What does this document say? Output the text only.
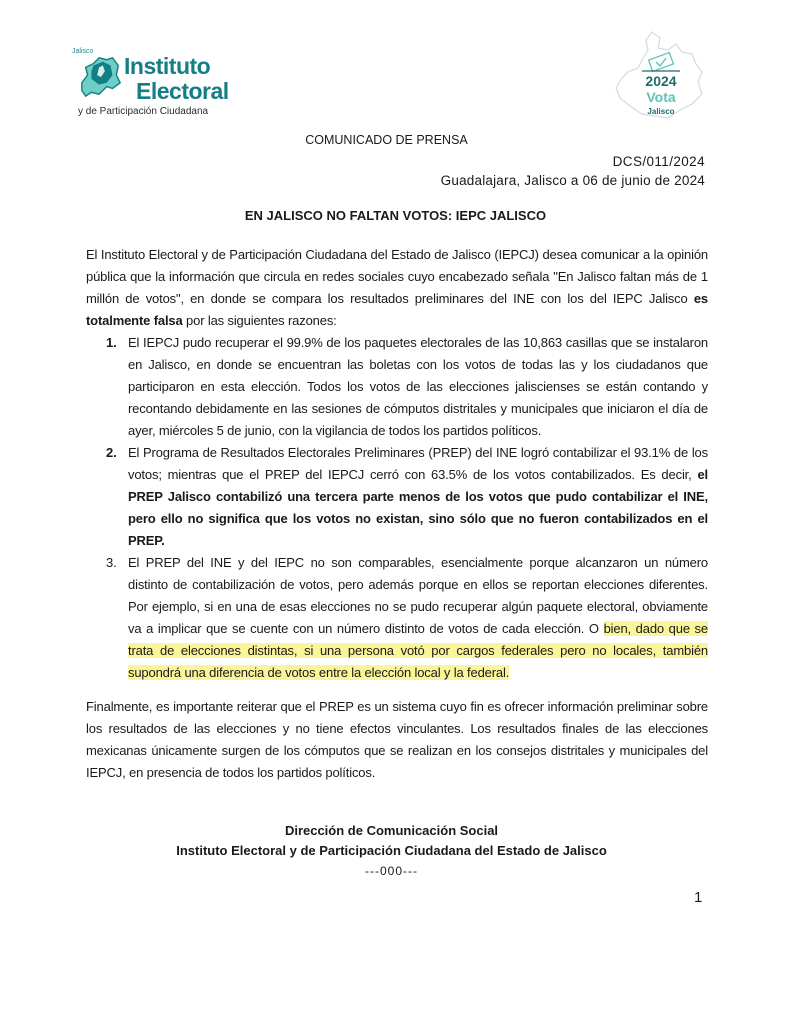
Jalisco
Instituto
Electoral
y de Participación Ciudadana
2024
Vota
Jalisco
COMUNICADO DE PRENSA
DCS/011/2024
Guadalajara, Jalisco a 06 de junio de 2024
EN JALISCO NO FALTAN VOTOS: IEPC JALISCO

El Instituto Electoral y de Participación Ciudadana del Estado de Jalisco (IEPCJ) desea comunicar a la opinión pública que la información que circula en redes sociales cuyo encabezado señala "En Jalisco faltan más de 1 millón de votos", en donde se compara los resultados preliminares del INE con los del IEPC Jalisco es totalmente falsa por las siguientes razones:

1. El IEPCJ pudo recuperar el 99.9% de los paquetes electorales de las 10,863 casillas que se instalaron en Jalisco, en donde se encuentran las boletas con los votos de todas las y los ciudadanos que participaron en esta elección. Todos los votos de las elecciones jaliscienses se están contando y recontando debidamente en las sesiones de cómputos distritales y municipales que iniciaron el día de ayer, miércoles 5 de junio, con la vigilancia de todos los partidos políticos.
2. El Programa de Resultados Electorales Preliminares (PREP) del INE logró contabilizar el 93.1% de los votos; mientras que el PREP del IEPCJ cerró con 63.5% de los votos contabilizados. Es decir, el PREP Jalisco contabilizó una tercera parte menos de los votos que pudo contabilizar el INE, pero ello no significa que los votos no existan, sino sólo que no fueron contabilizados en el PREP.
3. El PREP del INE y del IEPC no son comparables, esencialmente porque alcanzaron un número distinto de contabilización de votos, pero además porque en ellos se reportan elecciones diferentes. Por ejemplo, si en una de esas elecciones no se pudo recuperar algún paquete electoral, obviamente va a implicar que se cuente con un número distinto de votos de cada elección. O bien, dado que se trata de elecciones distintas, si una persona votó por cargos federales pero no locales, también supondrá una diferencia de votos entre la elección local y la federal.

Finalmente, es importante reiterar que el PREP es un sistema cuyo fin es ofrecer información preliminar sobre los resultados de las elecciones y no tiene efectos vinculantes. Los resultados finales de las elecciones mexicanas únicamente surgen de los cómputos que se realizan en los consejos distritales y municipales del IEPCJ, en presencia de todos los partidos políticos.

Dirección de Comunicación Social
Instituto Electoral y de Participación Ciudadana del Estado de Jalisco
---000---
1
